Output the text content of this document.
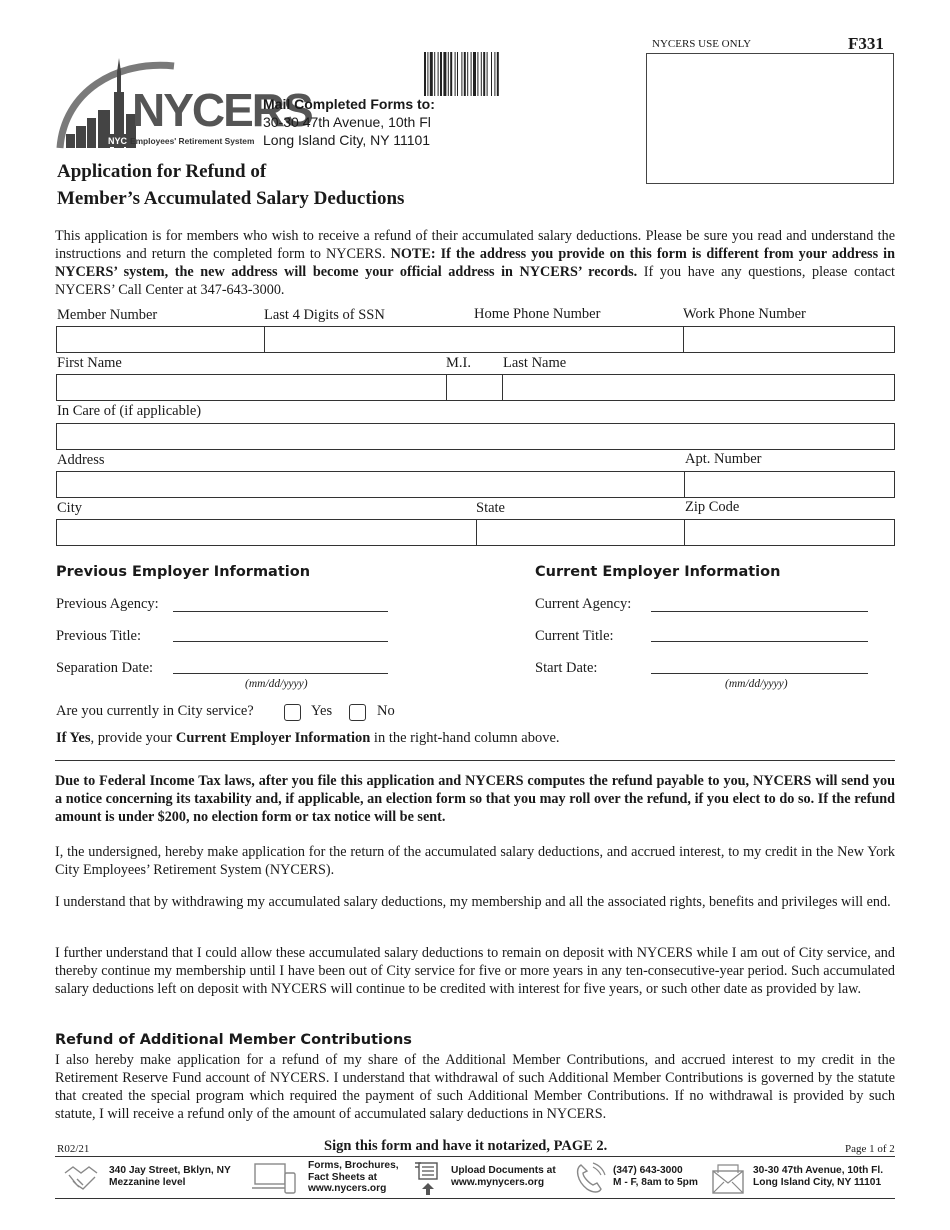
NYCERS
NYC Employees' Retirement System
Mail Completed Forms to:
30-30 47th Avenue, 10th Fl
Long Island City, NY 11101
NYCERS USE ONLY	F331
Application for Refund of
Member’s Accumulated Salary Deductions
This application is for members who wish to receive a refund of their accumulated salary deductions. Please be sure you read and understand the instructions and return the completed form to NYCERS. NOTE: If the address you provide on this form is different from your address in NYCERS’ system, the new address will become your official address in NYCERS’ records. If you have any questions, please contact NYCERS’ Call Center at 347-643-3000.
Member Number	Last 4 Digits of SSN	Home Phone Number	Work Phone Number
First Name	M.I. Last Name
In Care of (if applicable)
Address	Apt. Number
City	State	Zip Code
Previous Employer Information	Current Employer Information
Previous Agency:
Previous Title:
Separation Date:
(mm/dd/yyyy)
Current Agency:
Current Title:
Start Date:
(mm/dd/yyyy)
Are you currently in City service?	Yes	No
If Yes, provide your Current Employer Information in the right-hand column above.
Due to Federal Income Tax laws, after you file this application and NYCERS computes the refund payable to you, NYCERS will send you a notice concerning its taxability and, if applicable, an election form so that you may roll over the refund, if you elect to do so. If the refund amount is under $200, no election form or tax notice will be sent.
I, the undersigned, hereby make application for the return of the accumulated salary deductions, and accrued interest, to my credit in the New York City Employees’ Retirement System (NYCERS).
I understand that by withdrawing my accumulated salary deductions, my membership and all the associated rights, benefits and privileges will end.
I further understand that I could allow these accumulated salary deductions to remain on deposit with NYCERS while I am out of City service, and thereby continue my membership until I have been out of City service for five or more years in any ten-consecutive-year period. Such accumulated salary deductions left on deposit with NYCERS will continue to be credited with interest for five years, or such other date as provided by law.
Refund of Additional Member Contributions
I also hereby make application for a refund of my share of the Additional Member Contributions, and accrued interest to my credit in the Retirement Reserve Fund account of NYCERS. I understand that withdrawal of such Additional Member Contributions is governed by the statute that created the special program which required the payment of such Additional Member Contributions. If no withdrawal is provided by such statute, I will receive a refund only of the amount of accumulated salary deductions in NYCERS.
R02/21	Sign this form and have it notarized, PAGE 2.	Page 1 of 2
340 Jay Street, Bklyn, NY
Mezzanine level
Forms, Brochures,
Fact Sheets at
www.nycers.org
Upload Documents at
www.mynycers.org
(347) 643-3000
M - F, 8am to 5pm
30-30 47th Avenue, 10th Fl.
Long Island City, NY 11101
